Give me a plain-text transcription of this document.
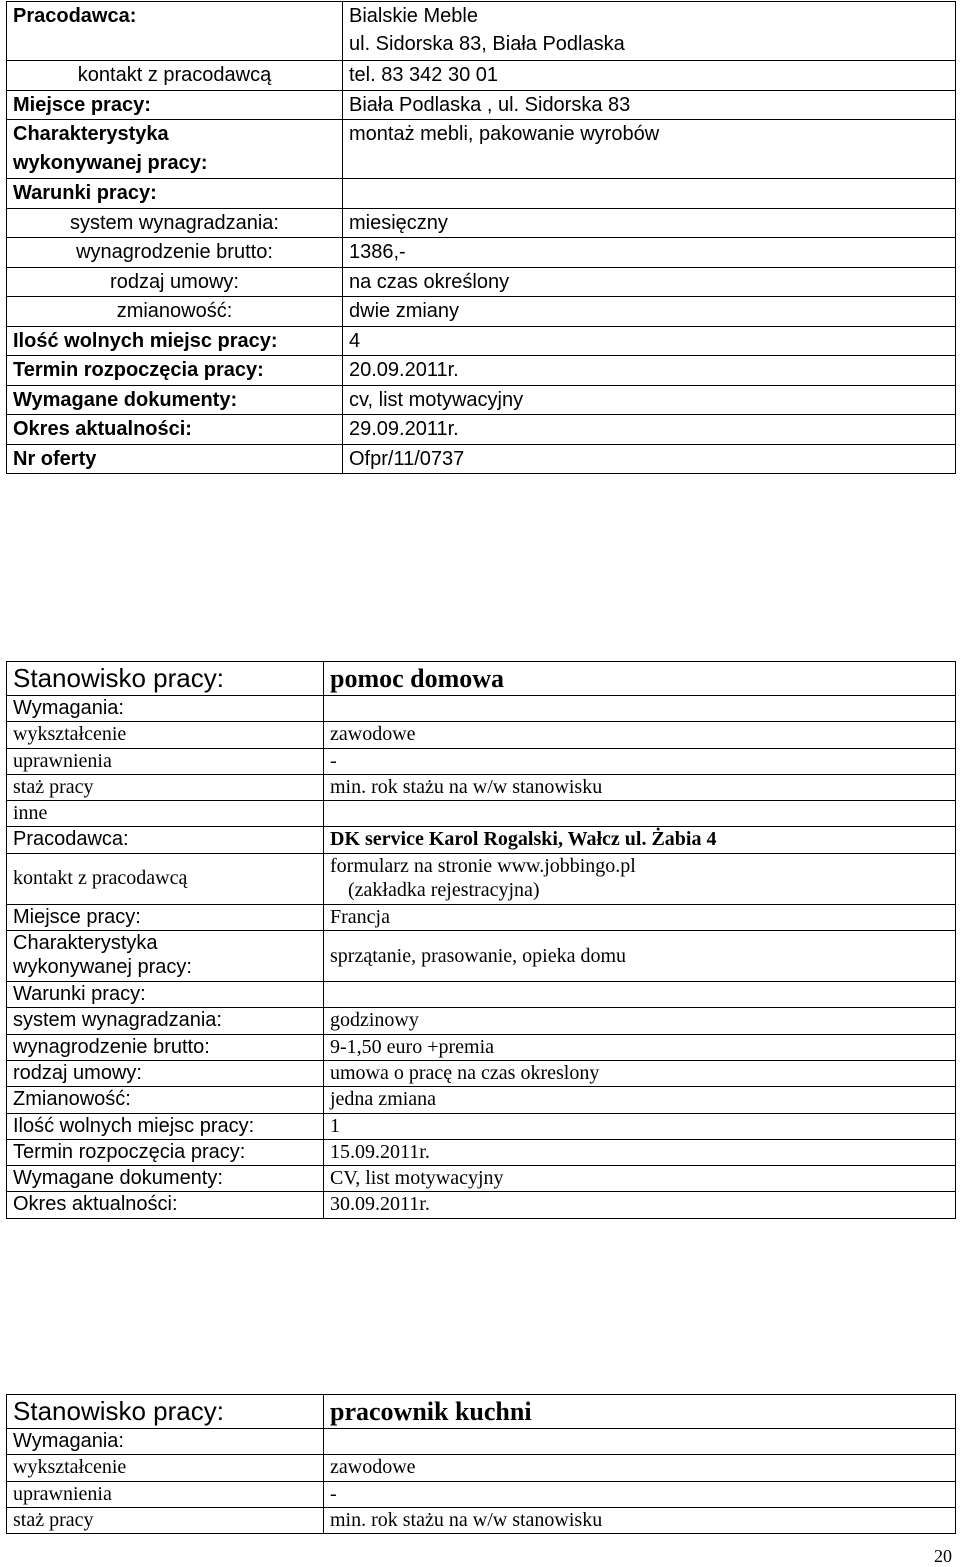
Pracodawca:	Bialskie Meble
ul. Sidorska 83, Biała Podlaska

kontakt z pracodawcą	tel. 83 342 30 01
Miejsce pracy:	Biała Podlaska , ul. Sidorska 83

Charakterystyka
wykonywanej pracy:	montaż mebli, pakowanie wyrobów
Warunki pracy:	
system wynagradzania:	miesięczny
wynagrodzenie brutto:	1386,-
rodzaj umowy:	na czas określony
zmianowość:	dwie zmiany
Ilość wolnych miejsc pracy:	4
Termin rozpoczęcia pracy:	20.09.2011r.
Wymagane dokumenty:	cv, list motywacyjny
Okres aktualności:	29.09.2011r.
Nr oferty	Ofpr/11/0737
Stanowisko pracy:	pomoc domowa
Wymagania:	
wykształcenie	zawodowe
uprawnienia	-
staż pracy	min. rok stażu na w/w stanowisku
inne	
Pracodawca:	DK service Karol Rogalski, Wałcz ul. Żabia 4
kontakt z pracodawcą	formularz na stronie www.jobbingo.pl
(zakładka rejestracyjna)

Miejsce pracy:	Francja

Charakterystyka
wykonywanej pracy:	sprzątanie, prasowanie, opieka domu
Warunki pracy:	
system wynagradzania:	godzinowy
wynagrodzenie brutto:	9-1,50 euro +premia
rodzaj umowy:	umowa o pracę na czas okreslony
Zmianowość:	jedna zmiana
Ilość wolnych miejsc pracy:	1
Termin rozpoczęcia pracy:	15.09.2011r.
Wymagane dokumenty:	CV, list motywacyjny
Okres aktualności:	30.09.2011r.
Stanowisko pracy:	pracownik kuchni
Wymagania:	
wykształcenie	zawodowe
uprawnienia	-
staż pracy	min. rok stażu na w/w stanowisku
20
